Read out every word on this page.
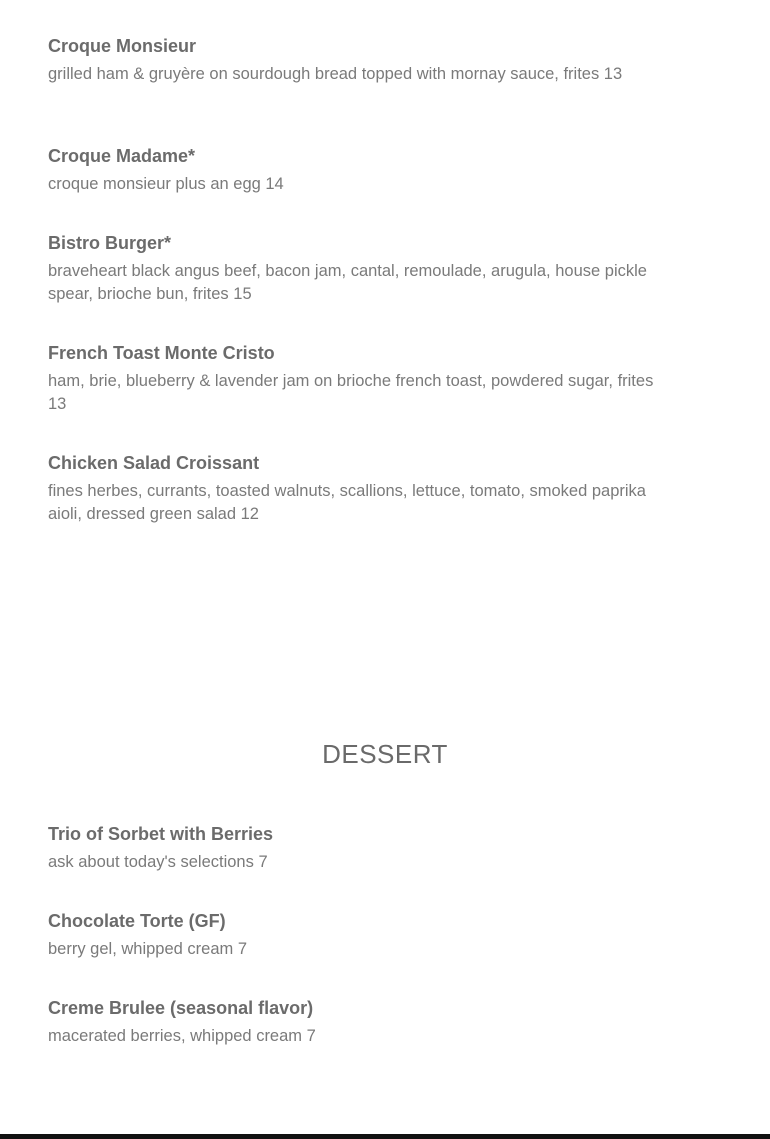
Croque Monsieur

grilled ham & gruyère on sourdough bread topped with mornay sauce, frites 13

Croque Madame*

croque monsieur plus an egg 14

Bistro Burger*

braveheart black angus beef, bacon jam, cantal, remoulade, arugula, house pickle spear, brioche bun, frites 15

French Toast Monte Cristo

ham, brie, blueberry & lavender jam on brioche french toast, powdered sugar, frites 13

Chicken Salad Croissant

fines herbes, currants, toasted walnuts, scallions, lettuce, tomato, smoked paprika aioli, dressed green salad 12

DESSERT

Trio of Sorbet with Berries

ask about today's selections 7

Chocolate Torte (GF)

berry gel, whipped cream 7

Creme Brulee (seasonal flavor)

macerated berries, whipped cream 7
